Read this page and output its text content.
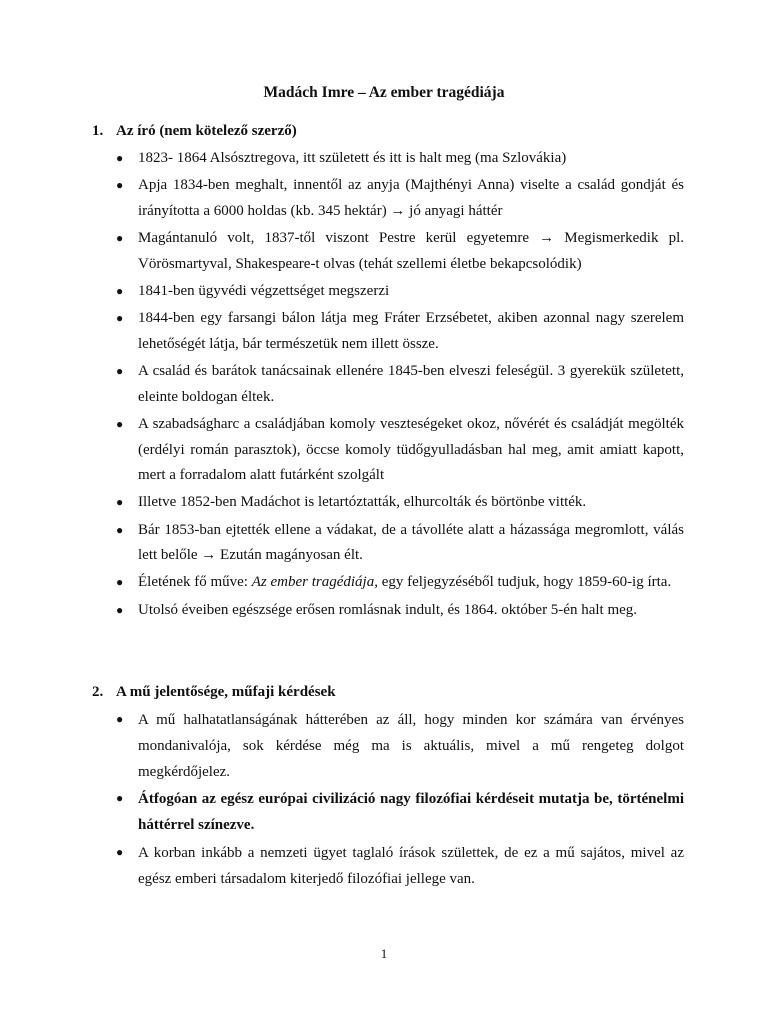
Madách Imre – Az ember tragédiája
1. Az író (nem kötelező szerző)
● 1823- 1864 Alsósztregova, itt született és itt is halt meg (ma Szlovákia)
● Apja 1834-ben meghalt, innentől az anyja (Majthényi Anna) viselte a család gondját és irányította a 6000 holdas (kb. 345 hektár) → jó anyagi háttér
● Magántanuló volt, 1837-től viszont Pestre kerül egyetemre → Megismerkedik pl. Vörösmartyval, Shakespeare-t olvas (tehát szellemi életbe bekapcsolódik)
● 1841-ben ügyvédi végzettséget megszerzi
● 1844-ben egy farsangi bálon látja meg Fráter Erzsébetet, akiben azonnal nagy szerelem lehetőségét látja, bár természetük nem illett össze.
● A család és barátok tanácsainak ellenére 1845-ben elveszi feleségül. 3 gyerekük született, eleinte boldogan éltek.
● A szabadságharc a családjában komoly veszteségeket okoz, nővérét és családját megölték (erdélyi román parasztok), öccse komoly tüdőgyulladásban hal meg, amit amiatt kapott, mert a forradalom alatt futárként szolgált
● Illetve 1852-ben Madáchot is letartóztatták, elhurcolták és börtönbe vitték.
● Bár 1853-ban ejtették ellene a vádakat, de a távolléte alatt a házassága megromlott, válás lett belőle → Ezután magányosan élt.
● Életének fő műve: Az ember tragédiája, egy feljegyzéséből tudjuk, hogy 1859-60-ig írta.
● Utolsó éveiben egészsége erősen romlásnak indult, és 1864. október 5-én halt meg.
2. A mű jelentősége, műfaji kérdések
● A mű halhatatlanságának hátterében az áll, hogy minden kor számára van érvényes mondanivalója, sok kérdése még ma is aktuális, mivel a mű rengeteg dolgot megkérdőjelez.
● Átfogóan az egész európai civilizáció nagy filozófiai kérdéseit mutatja be, történelmi háttérrel színezve.
● A korban inkább a nemzeti ügyet taglaló írások születtek, de ez a mű sajátos, mivel az egész emberi társadalom kiterjedő filozófiai jellege van.
1
